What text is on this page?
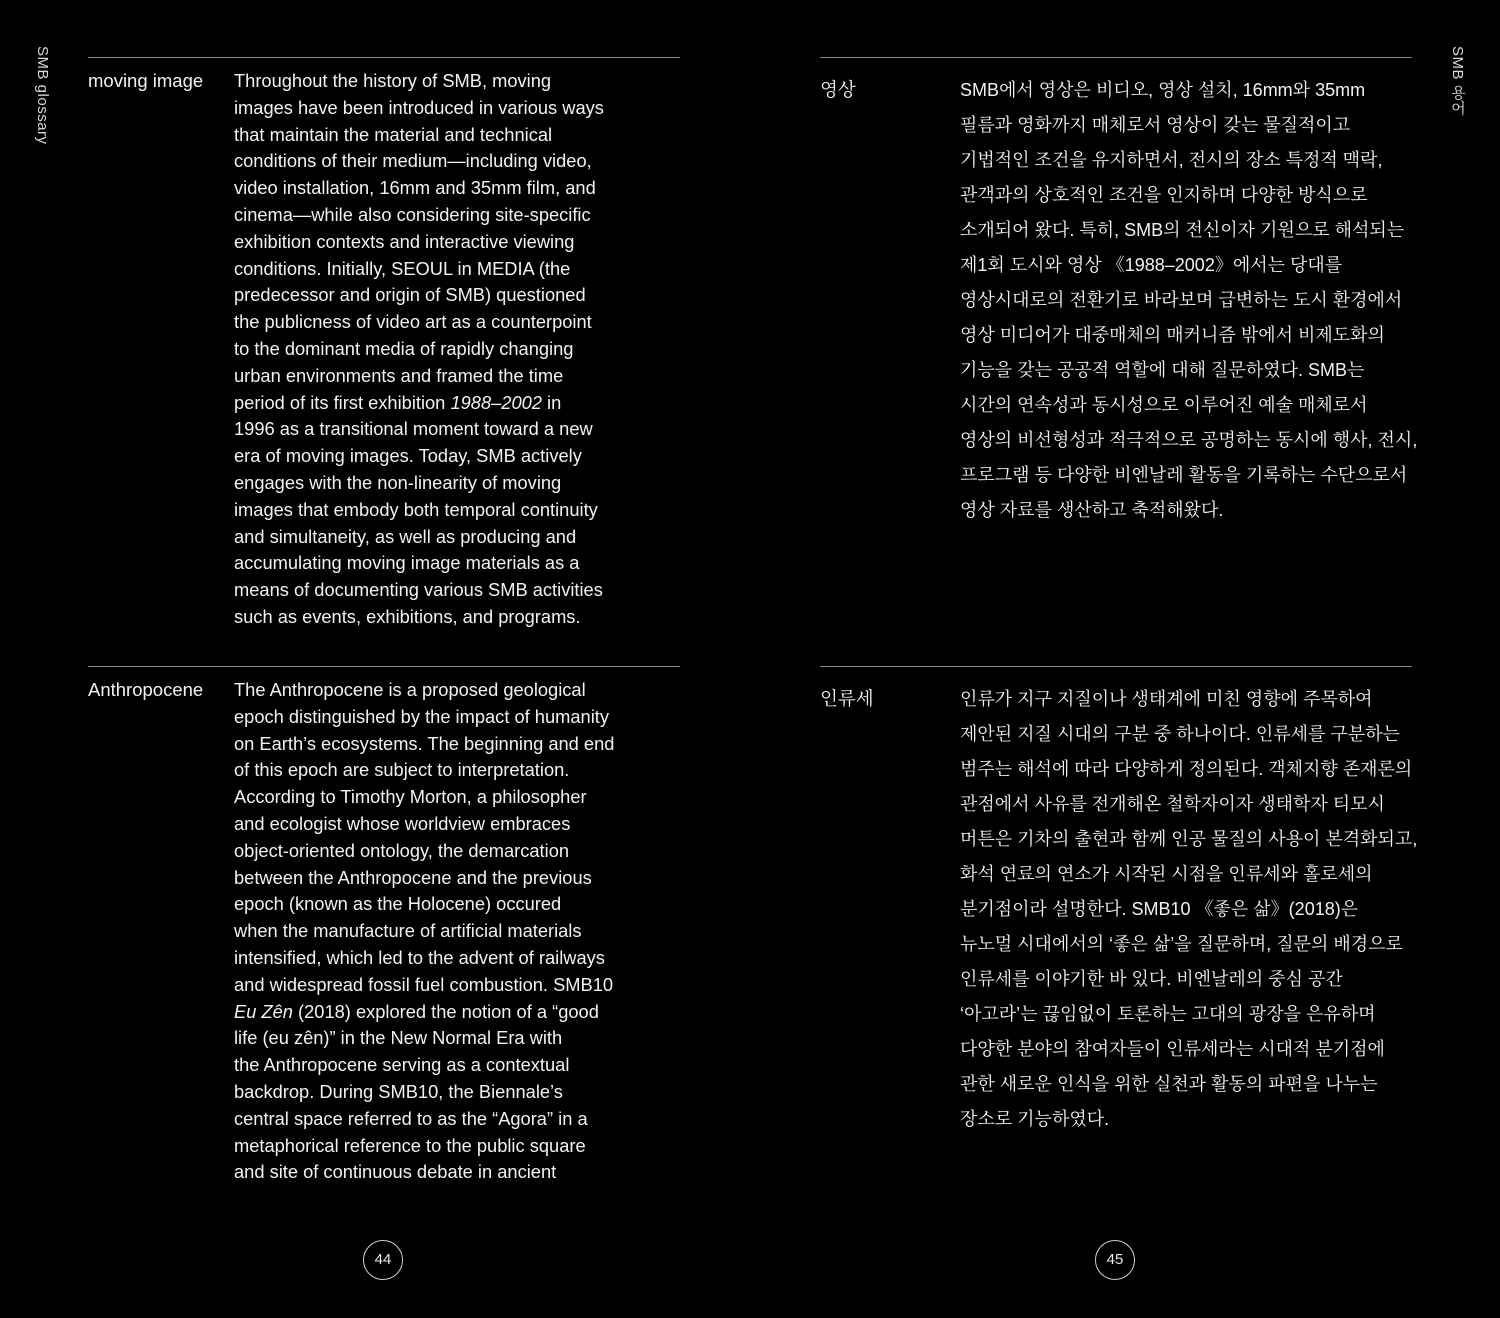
SMB glossary moving image Throughout the history of SMB, moving
images have been introduced in various ways
that maintain the material and technical
conditions of their medium—including video,
video installation, 16mm and 35mm film, and
cinema—while also considering site-specific
exhibition contexts and interactive viewing
conditions. Initially, SEOUL in MEDIA (the
predecessor and origin of SMB) questioned
the publicness of video art as a counterpoint
to the dominant media of rapidly changing
urban environments and framed the time
period of its first exhibition 1988–2002 in
1996 as a transitional moment toward a new
era of moving images. Today, SMB actively
engages with the non-linearity of moving
images that embody both temporal continuity
and simultaneity, as well as producing and
accumulating moving image materials as a
means of documenting various SMB activities
such as events, exhibitions, and programs.
Anthropocene The Anthropocene is a proposed geological
epoch distinguished by the impact of humanity
on Earth’s ecosystems. The beginning and end
of this epoch are subject to interpretation.
According to Timothy Morton, a philosopher
and ecologist whose worldview embraces
object-oriented ontology, the demarcation
between the Anthropocene and the previous
epoch (known as the Holocene) occured
when the manufacture of artificial materials
intensified, which led to the advent of railways
and widespread fossil fuel combustion. SMB10
Eu Zên (2018) explored the notion of a “good
life (eu zên)” in the New Normal Era with
the Anthropocene serving as a contextual
backdrop. During SMB10, the Biennale’s
central space referred to as the “Agora” in a
metaphorical reference to the public square
and site of continuous debate in ancient
44
SMB 용어
영상	SMB에서 영상은 비디오, 영상 설치, 16mm와 35mm
필름과 영화까지 매체로서 영상이 갖는 물질적이고
기법적인 조건을 유지하면서, 전시의 장소 특정적 맥락,
관객과의 상호적인 조건을 인지하며 다양한 방식으로
소개되어 왔다. 특히, SMB의 전신이자 기원으로 해석되는
제1회 도시와 영상 《1988–2002》에서는 당대를
영상시대로의 전환기로 바라보며 급변하는 도시 환경에서
영상 미디어가 대중매체의 매커니즘 밖에서 비제도화의
기능을 갖는 공공적 역할에 대해 질문하였다. SMB는
시간의 연속성과 동시성으로 이루어진 예술 매체로서
영상의 비선형성과 적극적으로 공명하는 동시에 행사, 전시,
프로그램 등 다양한 비엔날레 활동을 기록하는 수단으로서
영상 자료를 생산하고 축적해왔다.
인류세	인류가 지구 지질이나 생태계에 미친 영향에 주목하여
제안된 지질 시대의 구분 중 하나이다. 인류세를 구분하는
범주는 해석에 따라 다양하게 정의된다. 객체지향 존재론의
관점에서 사유를 전개해온 철학자이자 생태학자 티모시
머튼은 기차의 출현과 함께 인공 물질의 사용이 본격화되고,
화석 연료의 연소가 시작된 시점을 인류세와 홀로세의
분기점이라 설명한다. SMB10 《좋은 삶》(2018)은
뉴노멀 시대에서의 ‘좋은 삶’을 질문하며, 질문의 배경으로
인류세를 이야기한 바 있다. 비엔날레의 중심 공간
‘아고라’는 끊임없이 토론하는 고대의 광장을 은유하며
다양한 분야의 참여자들이 인류세라는 시대적 분기점에
관한 새로운 인식을 위한 실천과 활동의 파편을 나누는
장소로 기능하였다.
45
